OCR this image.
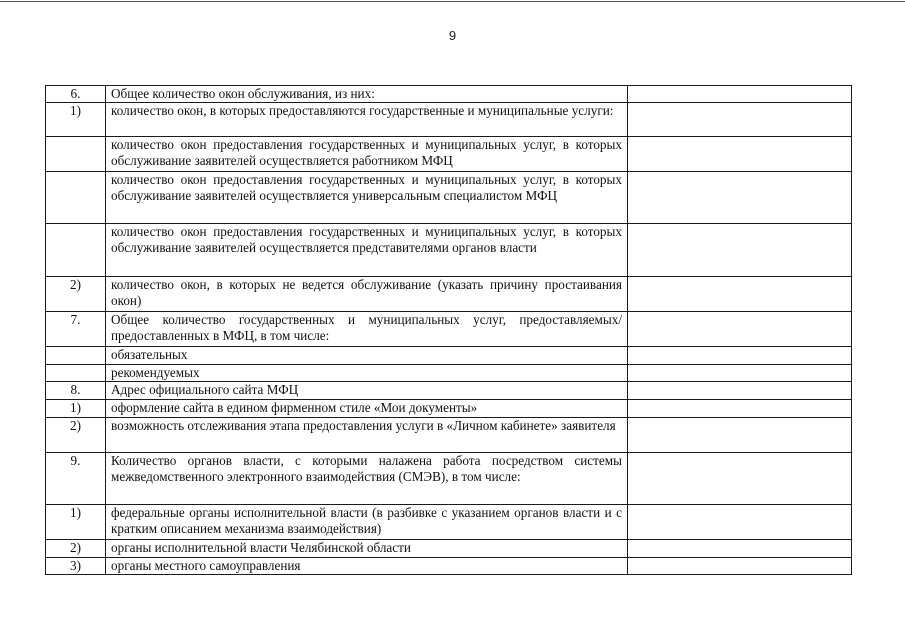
9
6.	Общее количество окон обслуживания, из них:	
1)	количество окон, в которых предоставляются государственные и муниципальные услуги:	
	количество окон предоставления государственных и муниципальных услуг, в которых обслуживание заявителей осуществляется работником МФЦ	
	количество окон предоставления государственных и муниципальных услуг, в которых обслуживание заявителей осуществляется универсальным специалистом МФЦ	
	количество окон предоставления государственных и муниципальных услуг, в которых обслуживание заявителей осуществляется представителями органов власти	
2)	количество окон, в которых не ведется обслуживание (указать причину простаивания окон)	
7.	Общее количество государственных и муниципальных услуг, предоставляемых/предоставленных в МФЦ, в том числе:	
	обязательных	
	рекомендуемых	
8.	Адрес официального сайта МФЦ	
1)	оформление сайта в едином фирменном стиле «Мои документы»	
2)	возможность отслеживания этапа предоставления услуги в «Личном кабинете» заявителя	
9.	Количество органов власти, с которыми налажена работа посредством системы межведомственного электронного взаимодействия (СМЭВ), в том числе:	
1)	федеральные органы исполнительной власти (в разбивке с указанием органов власти и с кратким описанием механизма взаимодействия)	
2)	органы исполнительной власти Челябинской области	
3)	органы местного самоуправления	
